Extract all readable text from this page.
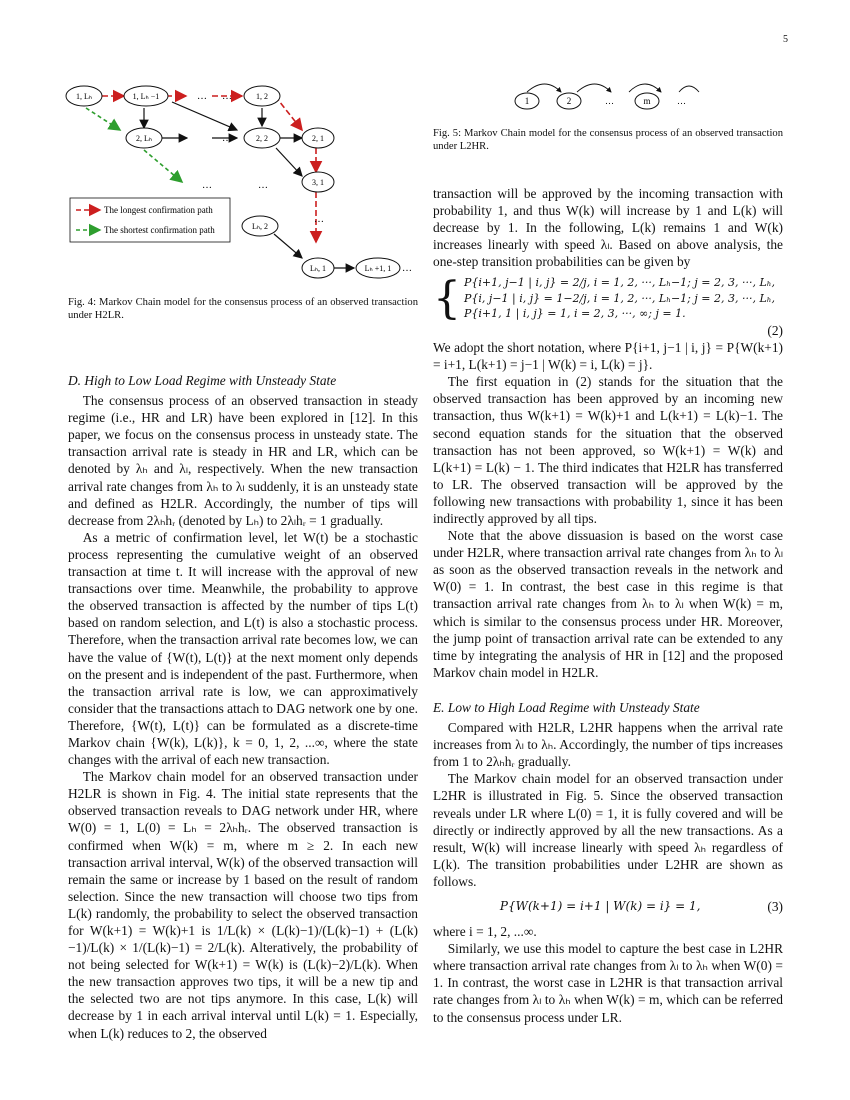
5
1, Lₕ	1, Lₕ −1	1, 2
2, Lₕ	2, 2	2, 1
3, 1
Lₕ, 2
Lₕ, 1	Lₕ +1, 1
… …
…
…	…
…
…
The longest confirmation path
The shortest confirmation path
Fig. 4: Markov Chain model for the consensus process of an observed transaction under H2LR.
1	2	…	m	…
Fig. 5: Markov Chain model for the consensus process of an observed transaction under L2HR.
D. High to Low Load Regime with Unsteady State

The consensus process of an observed transaction in steady regime (i.e., HR and LR) have been explored in [12]. In this paper, we focus on the consensus process in unsteady state. The transaction arrival rate is steady in HR and LR, which can be denoted by λₕ and λₗ, respectively. When the new transaction arrival rate changes from λₕ to λₗ suddenly, it is an unsteady state and defined as H2LR. Accordingly, the number of tips will decrease from 2λₕhᵣ (denoted by Lₕ) to 2λₗhᵣ = 1 gradually.

As a metric of confirmation level, let W(t) be a stochastic process representing the cumulative weight of an observed transaction at time t. It will increase with the approval of new transactions over time. Meanwhile, the probability to approve the observed transaction is affected by the number of tips L(t) based on random selection, and L(t) is also a stochastic process. Therefore, when the transaction arrival rate becomes low, we can have the value of {W(t), L(t)} at the next moment only depends on the present and is independent of the past. Furthermore, when the transaction arrival rate is low, we can approximatively consider that the transactions attach to DAG network one by one. Therefore, {W(t), L(t)} can be formulated as a discrete-time Markov chain {W(k), L(k)}, k = 0, 1, 2, ...∞, where the state changes with the arrival of each new transaction.

The Markov chain model for an observed transaction under H2LR is shown in Fig. 4. The initial state represents that the observed transaction reveals to DAG network under HR, where W(0) = 1, L(0) = Lₕ = 2λₕhᵣ. The observed transaction is confirmed when W(k) = m, where m ≥ 2. In each new transaction arrival interval, W(k) of the observed transaction will remain the same or increase by 1 based on the result of random selection. Since the new transaction will choose two tips from L(k) randomly, the probability to select the observed transaction for W(k+1) = W(k)+1 is 1/L(k) × (L(k)−1)/(L(k)−1) + (L(k)−1)/L(k) × 1/(L(k)−1) = 2/L(k). Alteratively, the probability of not being selected for W(k+1) = W(k) is (L(k)−2)/L(k). When the new transaction approves two tips, it will be a new tip and the selected two are not tips anymore. In this case, L(k) will decrease by 1 in each arrival interval until L(k) = 1. Especially, when L(k) reduces to 2, the observed

transaction will be approved by the incoming transaction with probability 1, and thus W(k) will increase by 1 and L(k) will decrease by 1. In the following, L(k) remains 1 and W(k) increases linearly with speed λₗ. Based on above analysis, the one-step transition probabilities can be given by

{ P{i+1, j−1 | i, j} = 2/j, i = 1, 2, ···, Lₕ−1; j = 2, 3, ···, Lₕ,
P{i, j−1 | i, j} = 1−2/j, i = 1, 2, ···, Lₕ−1; j = 2, 3, ···, Lₕ,
P{i+1, 1 | i, j} = 1, i = 2, 3, ···, ∞; j = 1.
(2)

We adopt the short notation, where P{i+1, j−1 | i, j} = P{W(k+1) = i+1, L(k+1) = j−1 | W(k) = i, L(k) = j}.

The first equation in (2) stands for the situation that the observed transaction has been approved by an incoming new transaction, thus W(k+1) = W(k)+1 and L(k+1) = L(k)−1. The second equation stands for the situation that the observed transaction has not been approved, so W(k+1) = W(k) and L(k+1) = L(k) − 1. The third indicates that H2LR has transferred to LR. The observed transaction will be approved by the following new transactions with probability 1, since it has been indirectly approved by all tips.

Note that the above dissuasion is based on the worst case under H2LR, where transaction arrival rate changes from λₕ to λₗ as soon as the observed transaction reveals in the network and W(0) = 1. In contrast, the best case in this regime is that transaction arrival rate changes from λₕ to λₗ when W(k) = m, which is similar to the consensus process under HR. Moreover, the jump point of transaction arrival rate can be extended to any time by integrating the analysis of HR in [12] and the proposed Markov chain model in H2LR.

E. Low to High Load Regime with Unsteady State

Compared with H2LR, L2HR happens when the arrival rate increases from λₗ to λₕ. Accordingly, the number of tips increases from 1 to 2λₕhᵣ gradually.

The Markov chain model for an observed transaction under L2HR is illustrated in Fig. 5. Since the observed transaction reveals under LR where L(0) = 1, it is fully covered and will be directly or indirectly approved by all the new transactions. As a result, W(k) will increase linearly with speed λₕ regardless of L(k). The transition probabilities under L2HR are shown as follows.

P{W(k+1) = i+1 | W(k) = i} = 1,	(3)

where i = 1, 2, ...∞.

Similarly, we use this model to capture the best case in L2HR where transaction arrival rate changes from λₗ to λₕ when W(0) = 1. In contrast, the worst case in L2HR is that transaction arrival rate changes from λₗ to λₕ when W(k) = m, which can be referred to the consensus process under LR.
